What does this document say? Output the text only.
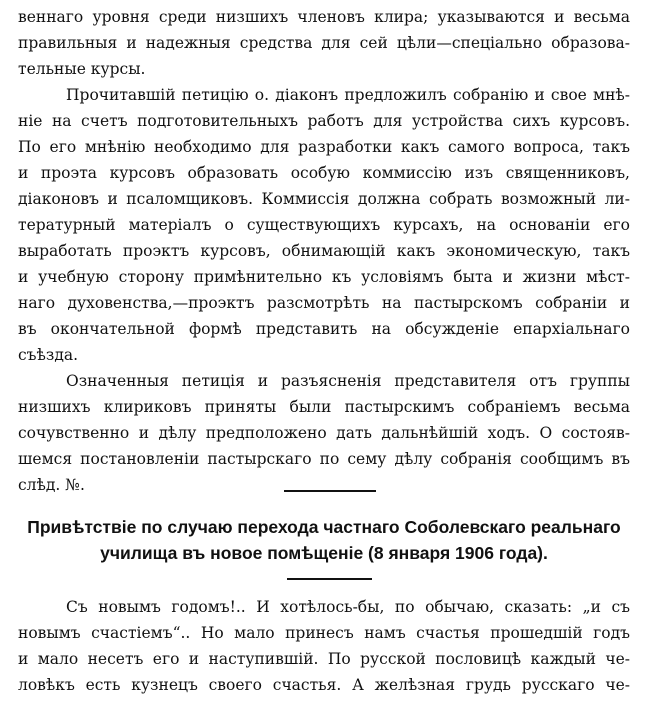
веннаго уровня среди низшихъ членовъ клира; указываются и весьма
правильныя и надежныя средства для сей цѣли—спеціально образова-
тельные курсы.
Прочитавшій петицію о. діаконъ предложилъ собранію и свое мнѣ-
ніе на счетъ подготовительныхъ работъ для устройства сихъ курсовъ.
По его мнѣнію необходимо для разработки какъ самого вопроса, такъ
и проэта курсовъ образовать особую коммиссію изъ священниковъ,
діаконовъ и псаломщиковъ. Коммиссія должна собрать возможный ли-
тературный матеріалъ о существующихъ курсахъ, на основаніи его
выработать проэктъ курсовъ, обнимающій какъ экономическую, такъ
и учебную сторону примѣнительно къ условіямъ быта и жизни мѣст-
наго духовенства,—проэктъ разсмотрѣть на пастырскомъ собраніи и
въ окончательной формѣ представить на обсужденіе епархіальнаго
съѣзда.
Означенныя петиція и разъясненія представителя отъ группы
низшихъ клириковъ приняты были пастырскимъ собраніемъ весьма
сочувственно и дѣлу предположено дать дальнѣйшій ходъ. О состояв-
шемся постановленіи пастырскаго по сему дѣлу собранія сообщимъ въ
слѣд. №.
Привѣтствіе по случаю перехода частнаго Соболевскаго реальнаго
училища въ новое помѣщеніе (8 января 1906 года).
Съ новымъ годомъ!.. И хотѣлось-бы, по обычаю, сказать: „и съ
новымъ счастіемъ“.. Но мало принесъ намъ счастья прошедшій годъ
и мало несетъ его и наступившій. По русской пословицѣ каждый че-
ловѣкъ есть кузнецъ своего счастья. А желѣзная грудь русскаго че-
